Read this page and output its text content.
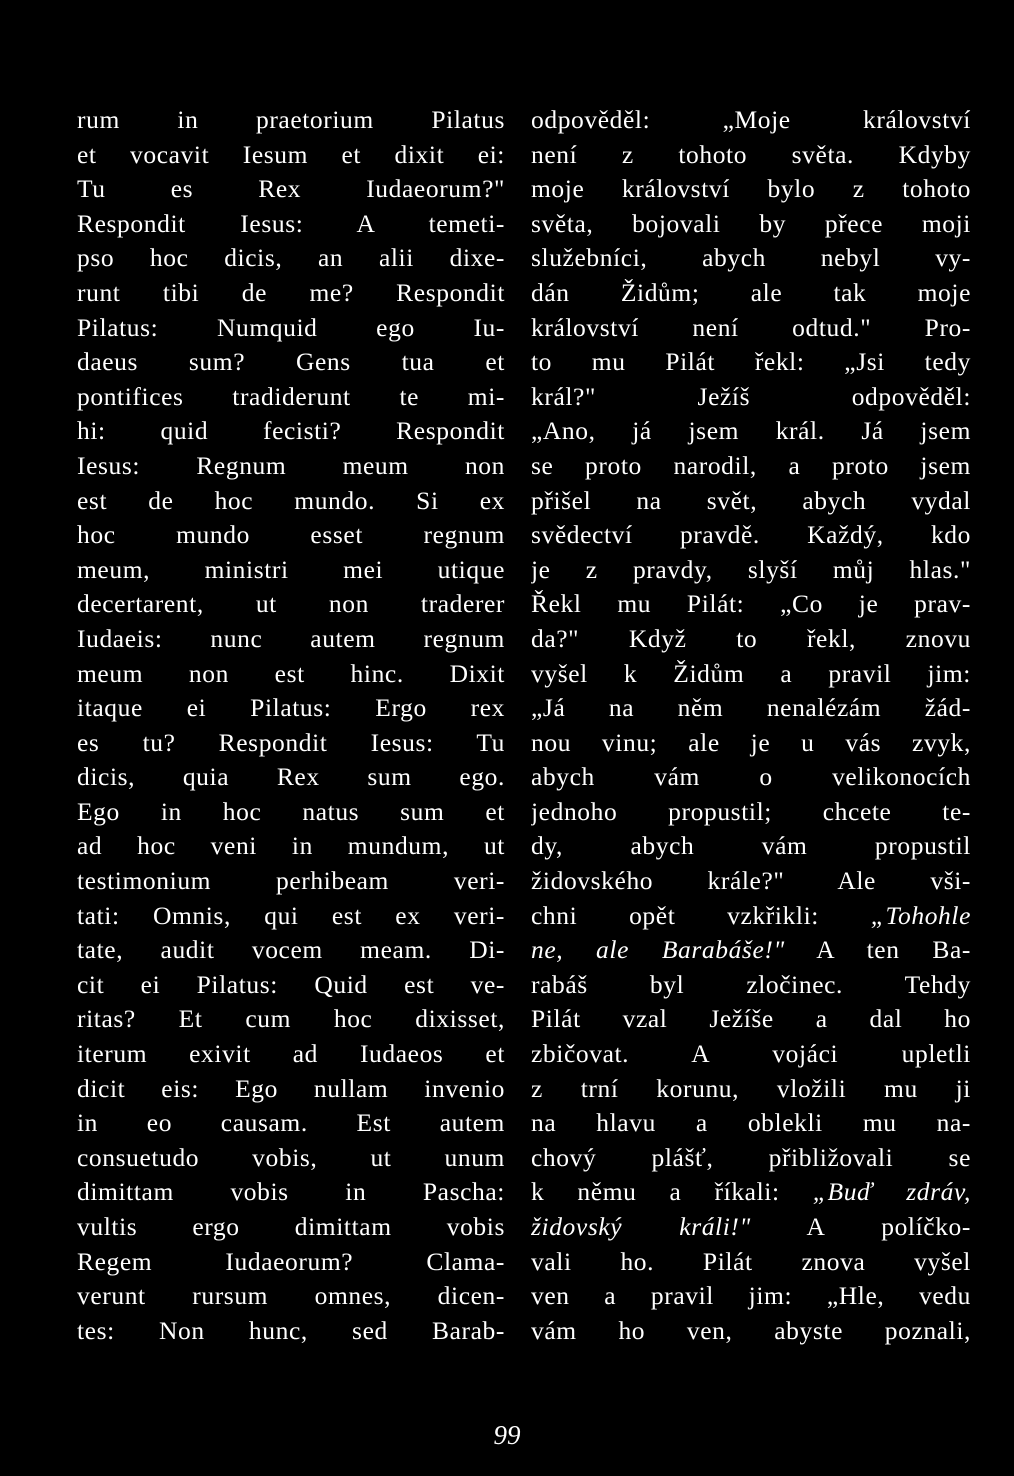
rum in praetorium Pilatus
et vocavit Iesum et dixit ei:
Tu es Rex Iudaeorum?"
Respondit Iesus: A temeti-
pso hoc dicis, an alii dixe-
runt tibi de me? Respondit
Pilatus: Numquid ego Iu-
daeus sum? Gens tua et
pontifices tradiderunt te mi-
hi: quid fecisti? Respondit
Iesus: Regnum meum non
est de hoc mundo. Si ex
hoc mundo esset regnum
meum, ministri mei utique
decertarent, ut non traderer
Iudaeis: nunc autem regnum
meum non est hinc. Dixit
itaque ei Pilatus: Ergo rex
es tu? Respondit Iesus: Tu
dicis, quia Rex sum ego.
Ego in hoc natus sum et
ad hoc veni in mundum, ut
testimonium perhibeam veri-
tati: Omnis, qui est ex veri-
tate, audit vocem meam. Di-
cit ei Pilatus: Quid est ve-
ritas? Et cum hoc dixisset,
iterum exivit ad Iudaeos et
dicit eis: Ego nullam invenio
in eo causam. Est autem
consuetudo vobis, ut unum
dimittam vobis in Pascha:
vultis ergo dimittam vobis
Regem Iudaeorum? Clama-
verunt rursum omnes, dicen-
tes: Non hunc, sed Barab-
odpověděl: „Moje království
není z tohoto světa. Kdyby
moje království bylo z tohoto
světa, bojovali by přece moji
služebníci, abych nebyl vy-
dán Židům; ale tak moje
království není odtud." Pro-
to mu Pilát řekl: „Jsi tedy
král?" Ježíš odpověděl:
„Ano, já jsem král. Já jsem
se proto narodil, a proto jsem
přišel na svět, abych vydal
svědectví pravdě. Každý, kdo
je z pravdy, slyší můj hlas."
Řekl mu Pilát: „Co je prav-
da?" Když to řekl, znovu
vyšel k Židům a pravil jim:
„Já na něm nenalézám žád-
nou vinu; ale je u vás zvyk,
abych vám o velikonocích
jednoho propustil; chcete te-
dy, abych vám propustil
židovského krále?" Ale vši-
chni opět vzkřikli: „Tohohle
ne, ale Barabáše!" A ten Ba-
rabáš byl zločinec. Tehdy
Pilát vzal Ježíše a dal ho
zbičovat. A vojáci upletli
z trní korunu, vložili mu ji
na hlavu a oblekli mu na-
chový plášť, přibližovali se
k němu a říkali: „Buď zdráv,
židovský králi!" A políčko-
vali ho. Pilát znova vyšel
ven a pravil jim: „Hle, vedu
vám ho ven, abyste poznali,
99
